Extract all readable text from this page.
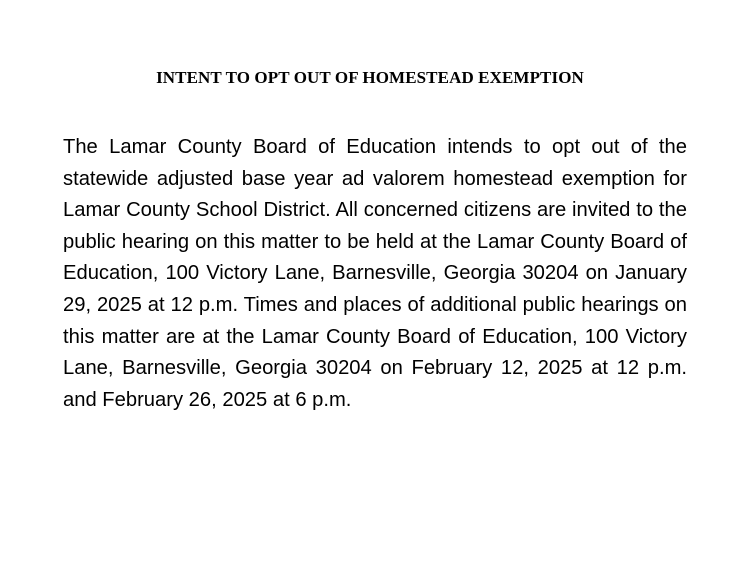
INTENT TO OPT OUT OF HOMESTEAD EXEMPTION

The Lamar County Board of Education intends to opt out of the statewide adjusted base year ad valorem homestead exemption for Lamar County School District. All concerned citizens are invited to the public hearing on this matter to be held at the Lamar County Board of Education, 100 Victory Lane, Barnesville, Georgia 30204 on January 29, 2025 at 12 p.m. Times and places of additional public hearings on this matter are at the Lamar County Board of Education, 100 Victory Lane, Barnesville, Georgia 30204 on February 12, 2025 at 12 p.m. and February 26, 2025 at 6 p.m.
